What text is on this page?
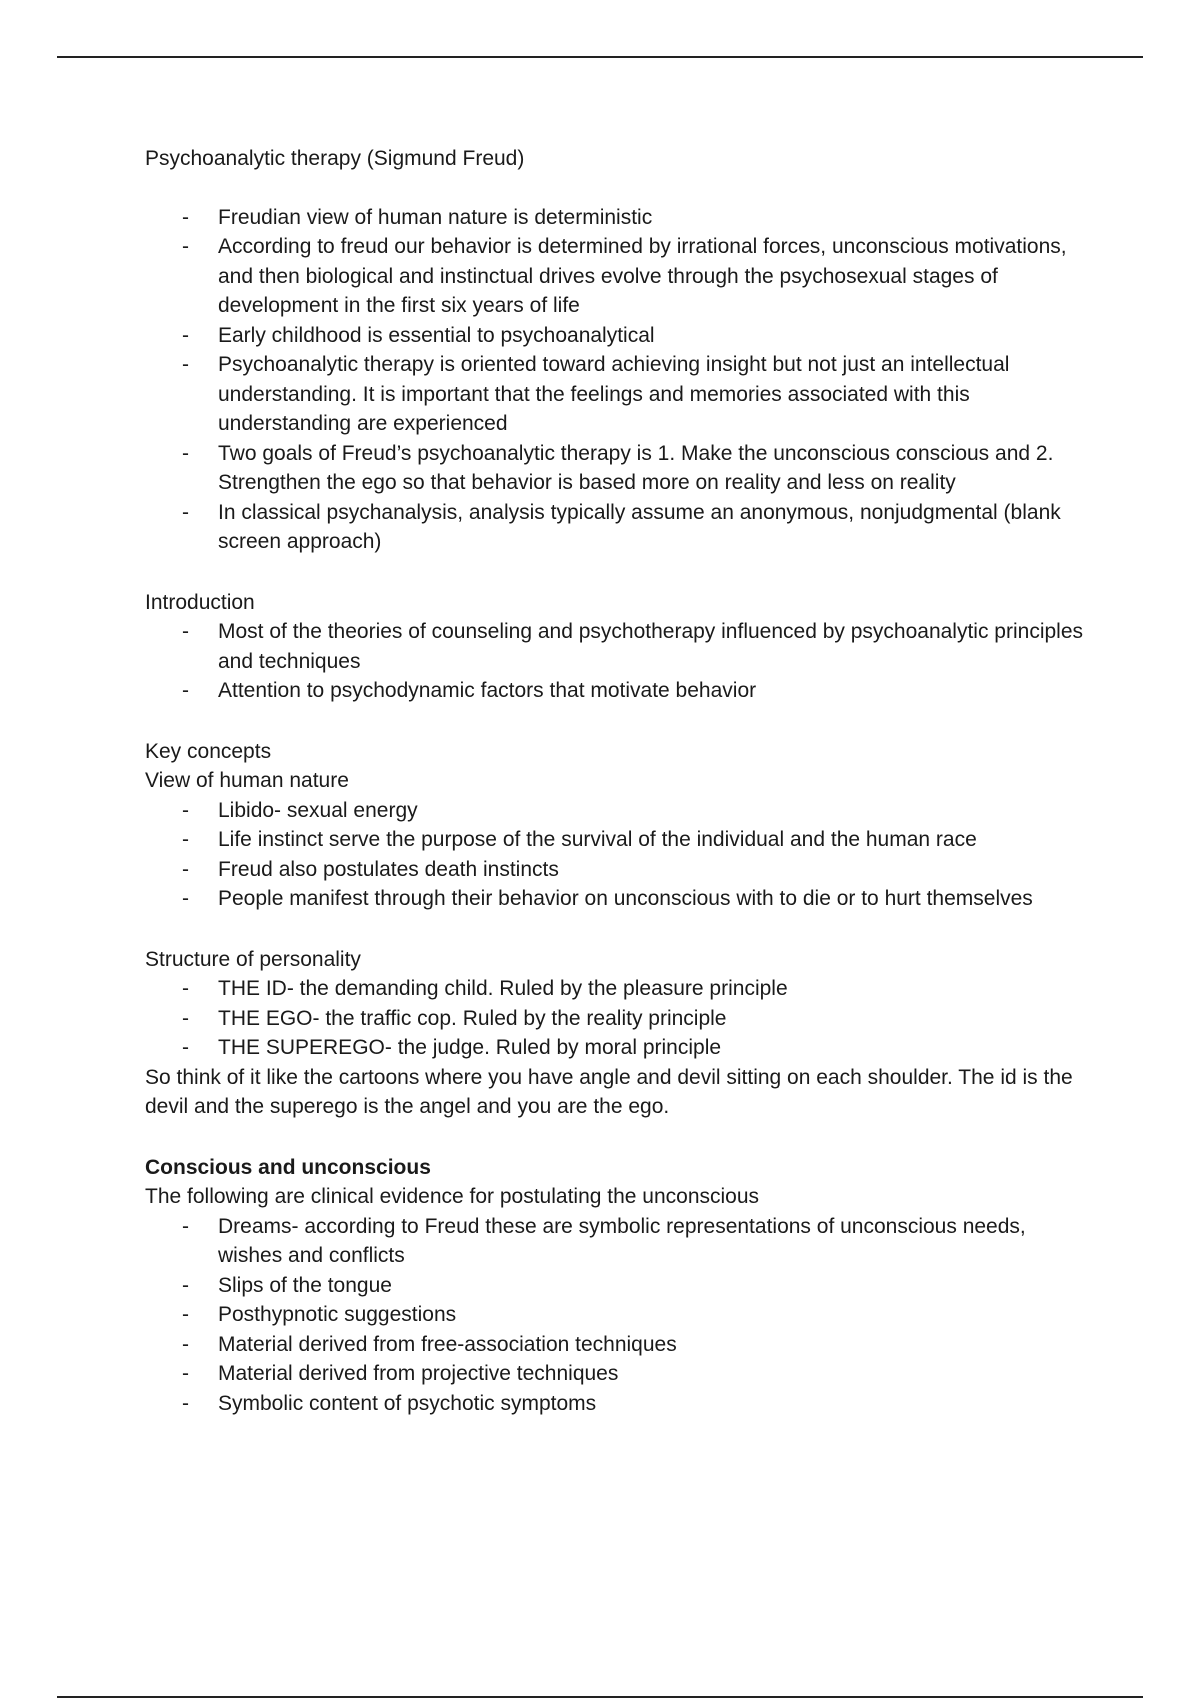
Psychoanalytic therapy (Sigmund Freud)

- Freudian view of human nature is deterministic
- According to freud our behavior is determined by irrational forces, unconscious motivations, and then biological and instinctual drives evolve through the psychosexual stages of development in the first six years of life
- Early childhood is essential to psychoanalytical
- Psychoanalytic therapy is oriented toward achieving insight but not just an intellectual understanding. It is important that the feelings and memories associated with this understanding are experienced
- Two goals of Freud’s psychoanalytic therapy is 1. Make the unconscious conscious and 2. Strengthen the ego so that behavior is based more on reality and less on reality
- In classical psychanalysis, analysis typically assume an anonymous, nonjudgmental (blank screen approach)

Introduction

- Most of the theories of counseling and psychotherapy influenced by psychoanalytic principles and techniques
- Attention to psychodynamic factors that motivate behavior

Key concepts

View of human nature

- Libido- sexual energy
- Life instinct serve the purpose of the survival of the individual and the human race
- Freud also postulates death instincts
- People manifest through their behavior on unconscious with to die or to hurt themselves

Structure of personality

- THE ID- the demanding child. Ruled by the pleasure principle
- THE EGO- the traffic cop. Ruled by the reality principle
- THE SUPEREGO- the judge. Ruled by moral principle

So think of it like the cartoons where you have angle and devil sitting on each shoulder. The id is the devil and the superego is the angel and you are the ego.

Conscious and unconscious

The following are clinical evidence for postulating the unconscious

- Dreams- according to Freud these are symbolic representations of unconscious needs, wishes and conflicts
- Slips of the tongue
- Posthypnotic suggestions
- Material derived from free-association techniques
- Material derived from projective techniques
- Symbolic content of psychotic symptoms
